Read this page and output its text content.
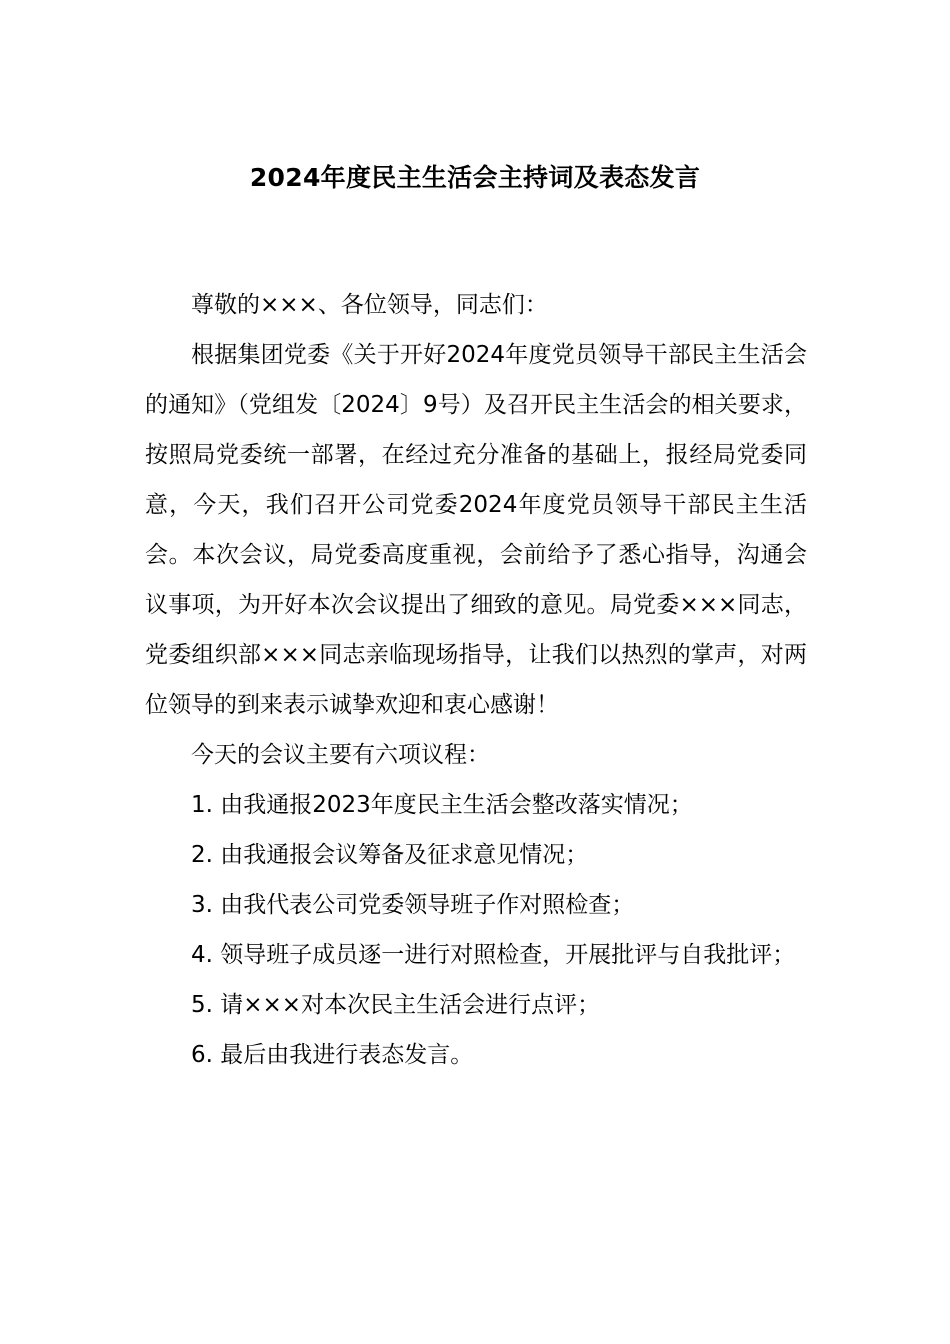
2024年度民主生活会主持词及表态发言

尊敬的×××、各位领导，同志们：

根据集团党委《关于开好2024年度党员领导干部民主生活会的通知》（党组发〔2024〕9号）及召开民主生活会的相关要求，按照局党委统一部署，在经过充分准备的基础上，报经局党委同意，今天，我们召开公司党委2024年度党员领导干部民主生活会。本次会议，局党委高度重视，会前给予了悉心指导，沟通会议事项，为开好本次会议提出了细致的意见。局党委×××同志，党委组织部×××同志亲临现场指导，让我们以热烈的掌声，对两位领导的到来表示诚挚欢迎和衷心感谢！

今天的会议主要有六项议程：

1. 由我通报2023年度民主生活会整改落实情况；

2. 由我通报会议筹备及征求意见情况；

3. 由我代表公司党委领导班子作对照检查；

4. 领导班子成员逐一进行对照检查，开展批评与自我批评；

5. 请×××对本次民主生活会进行点评；

6. 最后由我进行表态发言。
